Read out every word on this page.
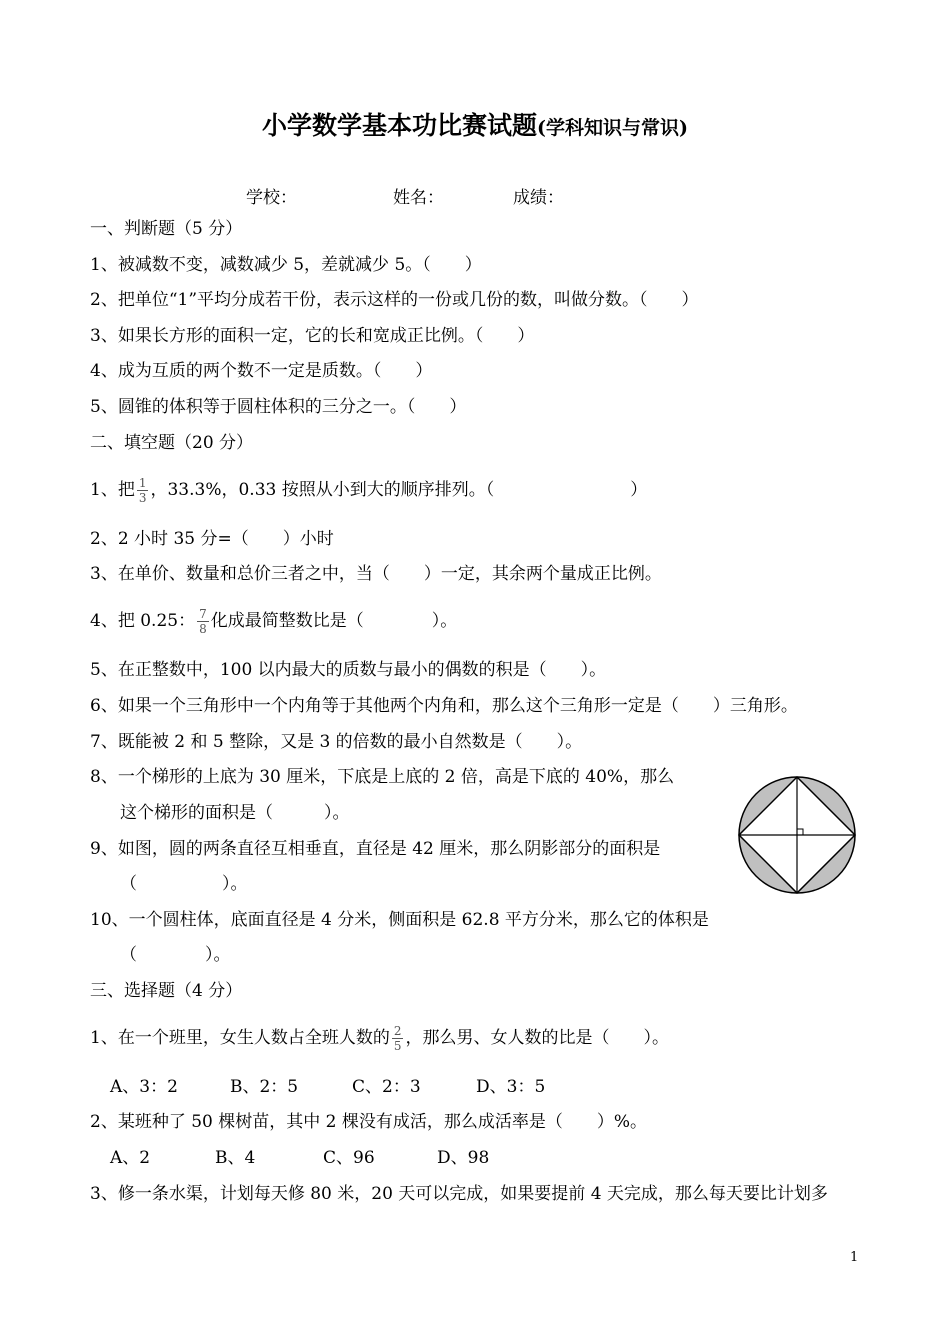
小学数学基本功比赛试题(学科知识与常识)
学校：	姓名：	成绩：
一、判断题（5 分）
1、被减数不变，减数减少 5，差就减少 5。（　　）
2、把单位“1”平均分成若干份，表示这样的一份或几份的数，叫做分数。（　　）
3、如果长方形的面积一定，它的长和宽成正比例。（　　）
4、成为互质的两个数不一定是质数。（　　）
5、圆锥的体积等于圆柱体积的三分之一。（　　）
二、填空题（20 分）
1、把 $\frac{1}{3}$ ，33.3%，0.33 按照从小到大的顺序排列。（　　　　　　　　）
2、2 小时 35 分=（　　）小时
3、在单价、数量和总价三者之中，当（　　）一定，其余两个量成正比例。
4、把 0.25： $\frac{7}{8}$ 化成最简整数比是（　　　　）。
5、在正整数中，100 以内最大的质数与最小的偶数的积是（　　）。
6、如果一个三角形中一个内角等于其他两个内角和，那么这个三角形一定是（　　）三角形。
7、既能被 2 和 5 整除，又是 3 的倍数的最小自然数是（　　）。
8、一个梯形的上底为 30 厘米，下底是上底的 2 倍，高是下底的 40%，那么
这个梯形的面积是（　　　）。
9、如图，圆的两条直径互相垂直，直径是 42 厘米，那么阴影部分的面积是
（　　　　　）。
10、一个圆柱体，底面直径是 4 分米，侧面积是 62.8 平方分米，那么它的体积是
（　　　　）。
三、选择题（4 分）
1、在一个班里，女生人数占全班人数的 $\frac{2}{5}$ ，那么男、女人数的比是（　　）。
A、3：2	B、2：5	C、2：3	D、3：5
2、某班种了 50 棵树苗，其中 2 棵没有成活，那么成活率是（　　）%。
A、2	B、4	C、96	D、98
3、修一条水渠，计划每天修 80 米，20 天可以完成，如果要提前 4 天完成，那么每天要比计划多
1
